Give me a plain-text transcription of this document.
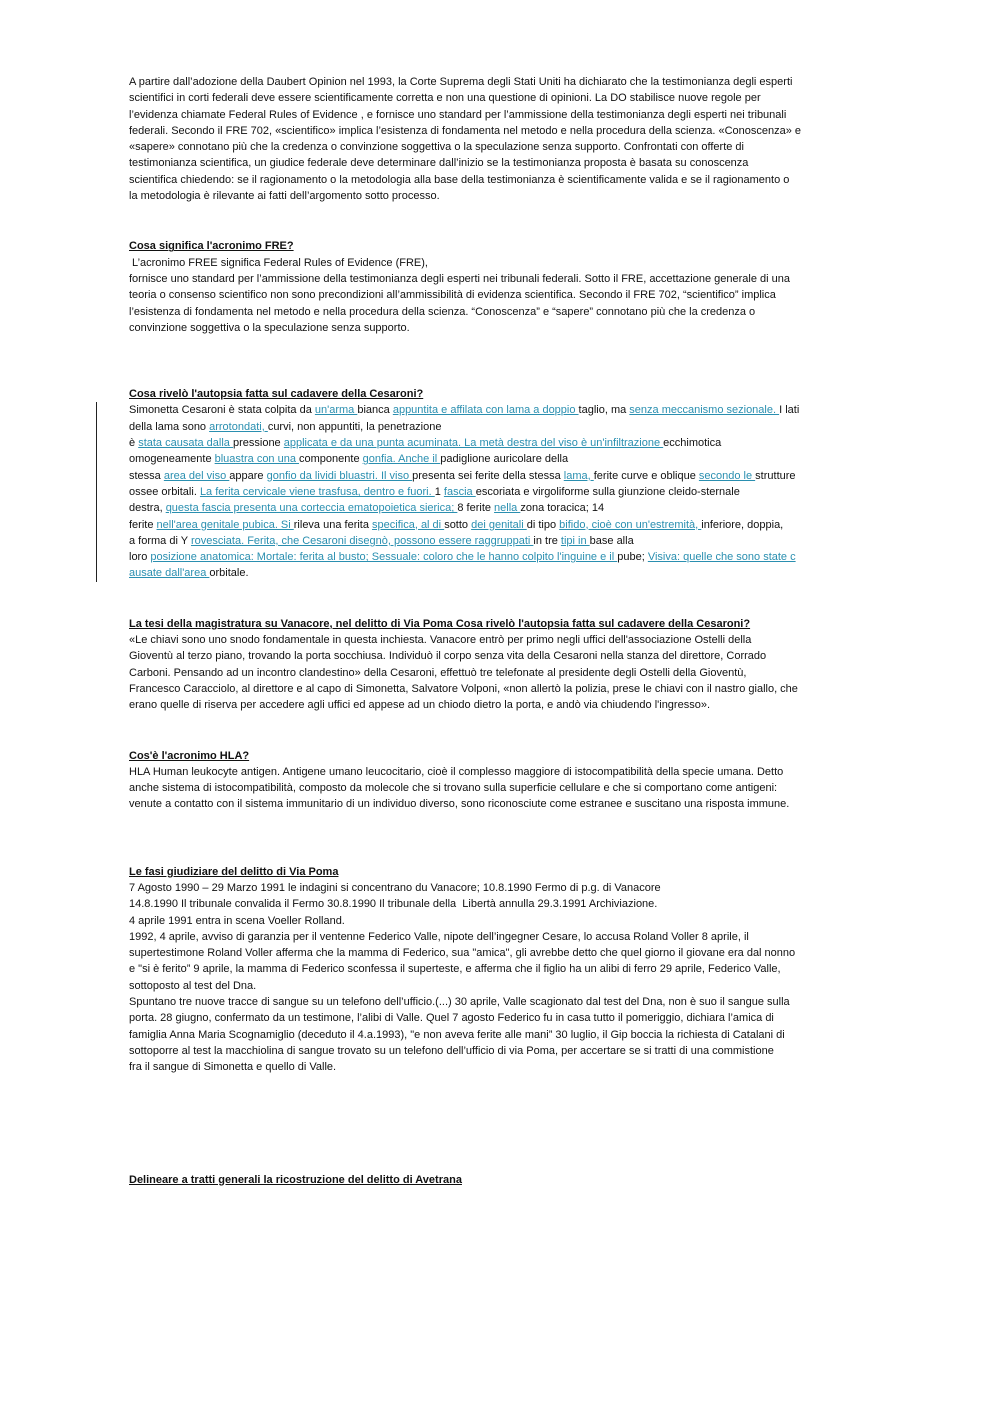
A partire dall’adozione della Daubert Opinion nel 1993, la Corte Suprema degli Stati Uniti ha dichiarato che la testimonianza degli esperti
scientifici in corti federali deve essere scientificamente corretta e non una questione di opinioni. La DO stabilisce nuove regole per
l’evidenza chiamate Federal Rules of Evidence , e fornisce uno standard per l’ammissione della testimonianza degli esperti nei tribunali
federali. Secondo il FRE 702, «scientifico» implica l’esistenza di fondamenta nel metodo e nella procedura della scienza. «Conoscenza» e
«sapere» connotano più che la credenza o convinzione soggettiva o la speculazione senza supporto. Confrontati con offerte di
testimonianza scientifica, un giudice federale deve determinare dall’inizio se la testimonianza proposta è basata su conoscenza
scientifica chiedendo: se il ragionamento o la metodologia alla base della testimonianza è scientificamente valida e se il ragionamento o
la metodologia è rilevante ai fatti dell’argomento sotto processo.

Cosa significa l'acronimo FRE?

L’acronimo FREE significa Federal Rules of Evidence (FRE),
fornisce uno standard per l’ammissione della testimonianza degli esperti nei tribunali federali. Sotto il FRE, accettazione generale di una
teoria o consenso scientifico non sono precondizioni all’ammissibilità di evidenza scientifica. Secondo il FRE 702, “scientifico” implica
l’esistenza di fondamenta nel metodo e nella procedura della scienza. “Conoscenza” e “sapere” connotano più che la credenza o
convinzione soggettiva o la speculazione senza supporto.

Cosa rivelò l'autopsia fatta sul cadavere della Cesaroni?

Simonetta Cesaroni è stata colpita da un'arma bianca appuntita e affilata con lama a doppio taglio, ma senza meccanismo sezionale. I lati
della lama sono arrotondati, curvi, non appuntiti, la penetrazione
è stata causata dalla pressione applicata e da una punta acuminata. La metà destra del viso è un'infiltrazione ecchimotica
omogeneamente bluastra con una componente gonfia. Anche il padiglione auricolare della
stessa area del viso appare gonfio da lividi bluastri. Il viso presenta sei ferite della stessa lama, ferite curve e oblique secondo le strutture
ossee orbitali. La ferita cervicale viene trasfusa, dentro e fuori. 1 fascia escoriata e virgoliforme sulla giunzione cleido-sternale
destra, questa fascia presenta una corteccia ematopoietica sierica; 8 ferite nella zona toracica; 14
ferite nell'area genitale pubica. Si rileva una ferita specifica, al di sotto dei genitali di tipo bifido, cioè con un'estremità, inferiore, doppia,
a forma di Y rovesciata. Ferita, che Cesaroni disegnò, possono essere raggruppati in tre tipi in base alla
loro posizione anatomica: Mortale: ferita al busto; Sessuale: coloro che le hanno colpito l'inguine e il pube; Visiva: quelle che sono state c
ausate dall'area orbitale.

La tesi della magistratura su Vanacore, nel delitto di Via Poma Cosa rivelò l'autopsia fatta sul cadavere della Cesaroni?

«Le chiavi sono uno snodo fondamentale in questa inchiesta. Vanacore entrò per primo negli uffici dell'associazione Ostelli della
Gioventù al terzo piano, trovando la porta socchiusa. Individuò il corpo senza vita della Cesaroni nella stanza del direttore, Corrado
Carboni. Pensando ad un incontro clandestino» della Cesaroni, effettuò tre telefonate al presidente degli Ostelli della Gioventù,
Francesco Caracciolo, al direttore e al capo di Simonetta, Salvatore Volponi, «non allertò la polizia, prese le chiavi con il nastro giallo, che
erano quelle di riserva per accedere agli uffici ed appese ad un chiodo dietro la porta, e andò via chiudendo l'ingresso».

Cos'è l'acronimo HLA?

HLA Human leukocyte antigen. Antigene umano leucocitario, cioè il complesso maggiore di istocompatibilità della specie umana. Detto
anche sistema di istocompatibilità, composto da molecole che si trovano sulla superficie cellulare e che si comportano come antigeni:
venute a contatto con il sistema immunitario di un individuo diverso, sono riconosciute come estranee e suscitano una risposta immune.

Le fasi giudiziare del delitto di Via Poma

7 Agosto 1990 – 29 Marzo 1991 le indagini si concentrano du Vanacore; 10.8.1990 Fermo di p.g. di Vanacore
14.8.1990 Il tribunale convalida il Fermo 30.8.1990 Il tribunale della  Libertà annulla 29.3.1991 Archiviazione.
4 aprile 1991 entra in scena Voeller Rolland.
1992, 4 aprile, avviso di garanzia per il ventenne Federico Valle, nipote dell’ingegner Cesare, lo accusa Roland Voller 8 aprile, il
supertestimone Roland Voller afferma che la mamma di Federico, sua "amica", gli avrebbe detto che quel giorno il giovane era dal nonno
e "si è ferito” 9 aprile, la mamma di Federico sconfessa il superteste, e afferma che il figlio ha un alibi di ferro 29 aprile, Federico Valle,
sottoposto al test del Dna.
Spuntano tre nuove tracce di sangue su un telefono dell’ufficio.(...) 30 aprile, Valle scagionato dal test del Dna, non è suo il sangue sulla
porta. 28 giugno, confermato da un testimone, l’alibi di Valle. Quel 7 agosto Federico fu in casa tutto il pomeriggio, dichiara l’amica di
famiglia Anna Maria Scognamiglio (deceduto il 4.a.1993), "e non aveva ferite alle mani” 30 luglio, il Gip boccia la richiesta di Catalani di
sottoporre al test la macchiolina di sangue trovato su un telefono dell’ufficio di via Poma, per accertare se si tratti di una commistione
fra il sangue di Simonetta e quello di Valle.

Delineare a tratti generali la ricostruzione del delitto di Avetrana
